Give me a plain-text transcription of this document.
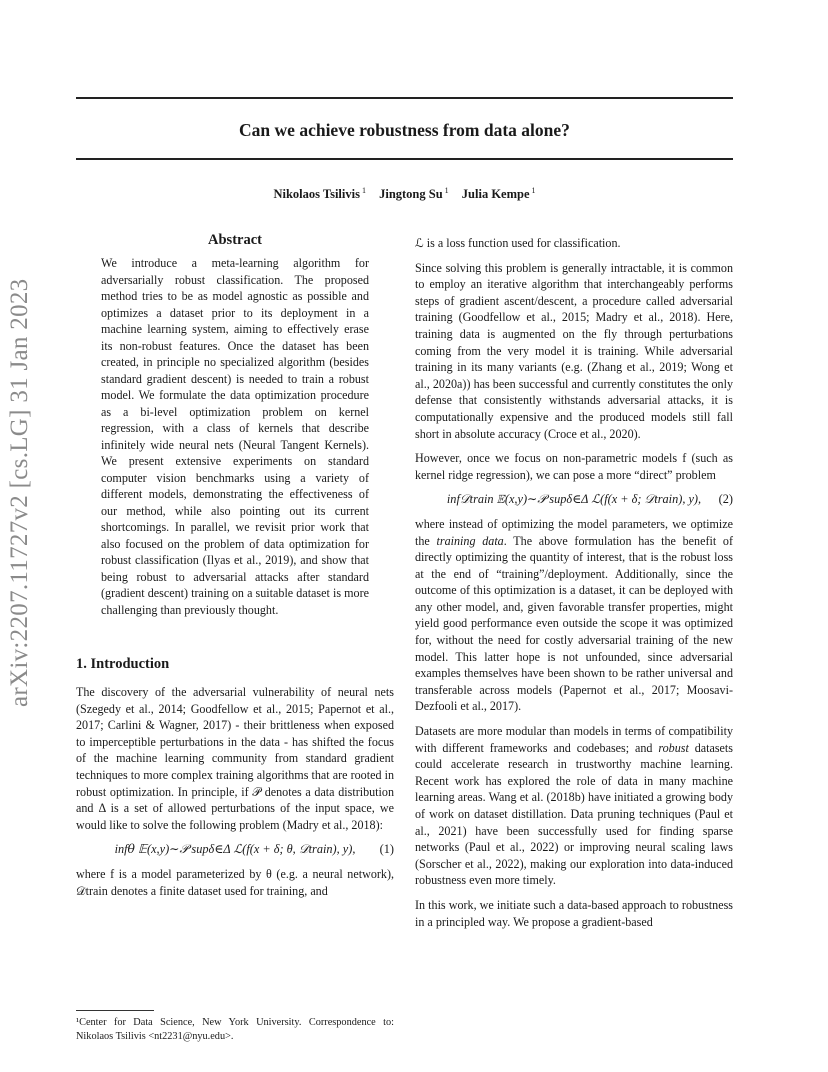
Can we achieve robustness from data alone?
Nikolaos Tsilivis $^1$ Jingtong Su $^1$ Julia Kempe $^1$
arXiv:2207.11727v2 [cs.LG] 31 Jan 2023
Abstract
We introduce a meta-learning algorithm for adversarially robust classification. The proposed method tries to be as model agnostic as possible and optimizes a dataset prior to its deployment in a machine learning system, aiming to effectively erase its non-robust features. Once the dataset has been created, in principle no specialized algorithm (besides standard gradient descent) is needed to train a robust model. We formulate the data optimization procedure as a bi-level optimization problem on kernel regression, with a class of kernels that describe infinitely wide neural nets (Neural Tangent Kernels). We present extensive experiments on standard computer vision benchmarks using a variety of different models, demonstrating the effectiveness of our method, while also pointing out its current shortcomings. In parallel, we revisit prior work that also focused on the problem of data optimization for robust classification (Ilyas et al., 2019), and show that being robust to adversarial attacks after standard (gradient descent) training on a suitable dataset is more challenging than previously thought.
1. Introduction

The discovery of the adversarial vulnerability of neural nets (Szegedy et al., 2014; Goodfellow et al., 2015; Papernot et al., 2017; Carlini & Wagner, 2017) - their brittleness when exposed to imperceptible perturbations in the data - has shifted the focus of the machine learning community from standard gradient techniques to more complex training algorithms that are rooted in robust optimization. In principle, if 𝒫 denotes a data distribution and Δ is a set of allowed perturbations of the input space, we would like to solve the following problem (Madry et al., 2018):

inf𝜃 𝔼(x,y)∼𝒫 supδ∈Δ ℒ(f(x + δ; θ, 𝒟train), y), (1)

where f is a model parameterized by θ (e.g. a neural network), 𝒟train denotes a finite dataset used for training, and

¹Center for Data Science, New York University. Correspondence to: Nikolaos Tsilivis <nt2231@nyu.edu>.

ℒ is a loss function used for classification.

Since solving this problem is generally intractable, it is common to employ an iterative algorithm that interchangeably performs steps of gradient ascent/descent, a procedure called adversarial training (Goodfellow et al., 2015; Madry et al., 2018). Here, training data is augmented on the fly through perturbations coming from the very model it is training. While adversarial training in its many variants (e.g. (Zhang et al., 2019; Wong et al., 2020a)) has been successful and currently constitutes the only defense that consistently withstands adversarial attacks, it is computationally expensive and the produced models still fall short in absolute accuracy (Croce et al., 2020).

However, once we focus on non-parametric models f (such as kernel ridge regression), we can pose a more “direct” problem

inf𝒟train 𝔼(x,y)∼𝒫 supδ∈Δ ℒ(f(x + δ; 𝒟train), y), (2)

where instead of optimizing the model parameters, we optimize the training data. The above formulation has the benefit of directly optimizing the quantity of interest, that is the robust loss at the end of “training”/deployment. Additionally, since the outcome of this optimization is a dataset, it can be deployed with any other model, and, given favorable transfer properties, might yield good performance even outside the scope it was optimized for, without the need for costly adversarial training of the new model. This latter hope is not unfounded, since adversarial examples themselves have been shown to be rather universal and transferable across models (Papernot et al., 2017; Moosavi-Dezfooli et al., 2017).

Datasets are more modular than models in terms of compatibility with different frameworks and codebases; and robust datasets could accelerate research in trustworthy machine learning. Recent work has explored the role of data in many machine learning areas. Wang et al. (2018b) have initiated a growing body of work on dataset distillation. Data pruning techniques (Paul et al., 2021) have been successfully used for finding sparse networks (Paul et al., 2022) or improving neural scaling laws (Sorscher et al., 2022), making our exploration into data-induced robustness even more timely.

In this work, we initiate such a data-based approach to robustness in a principled way. We propose a gradient-based
